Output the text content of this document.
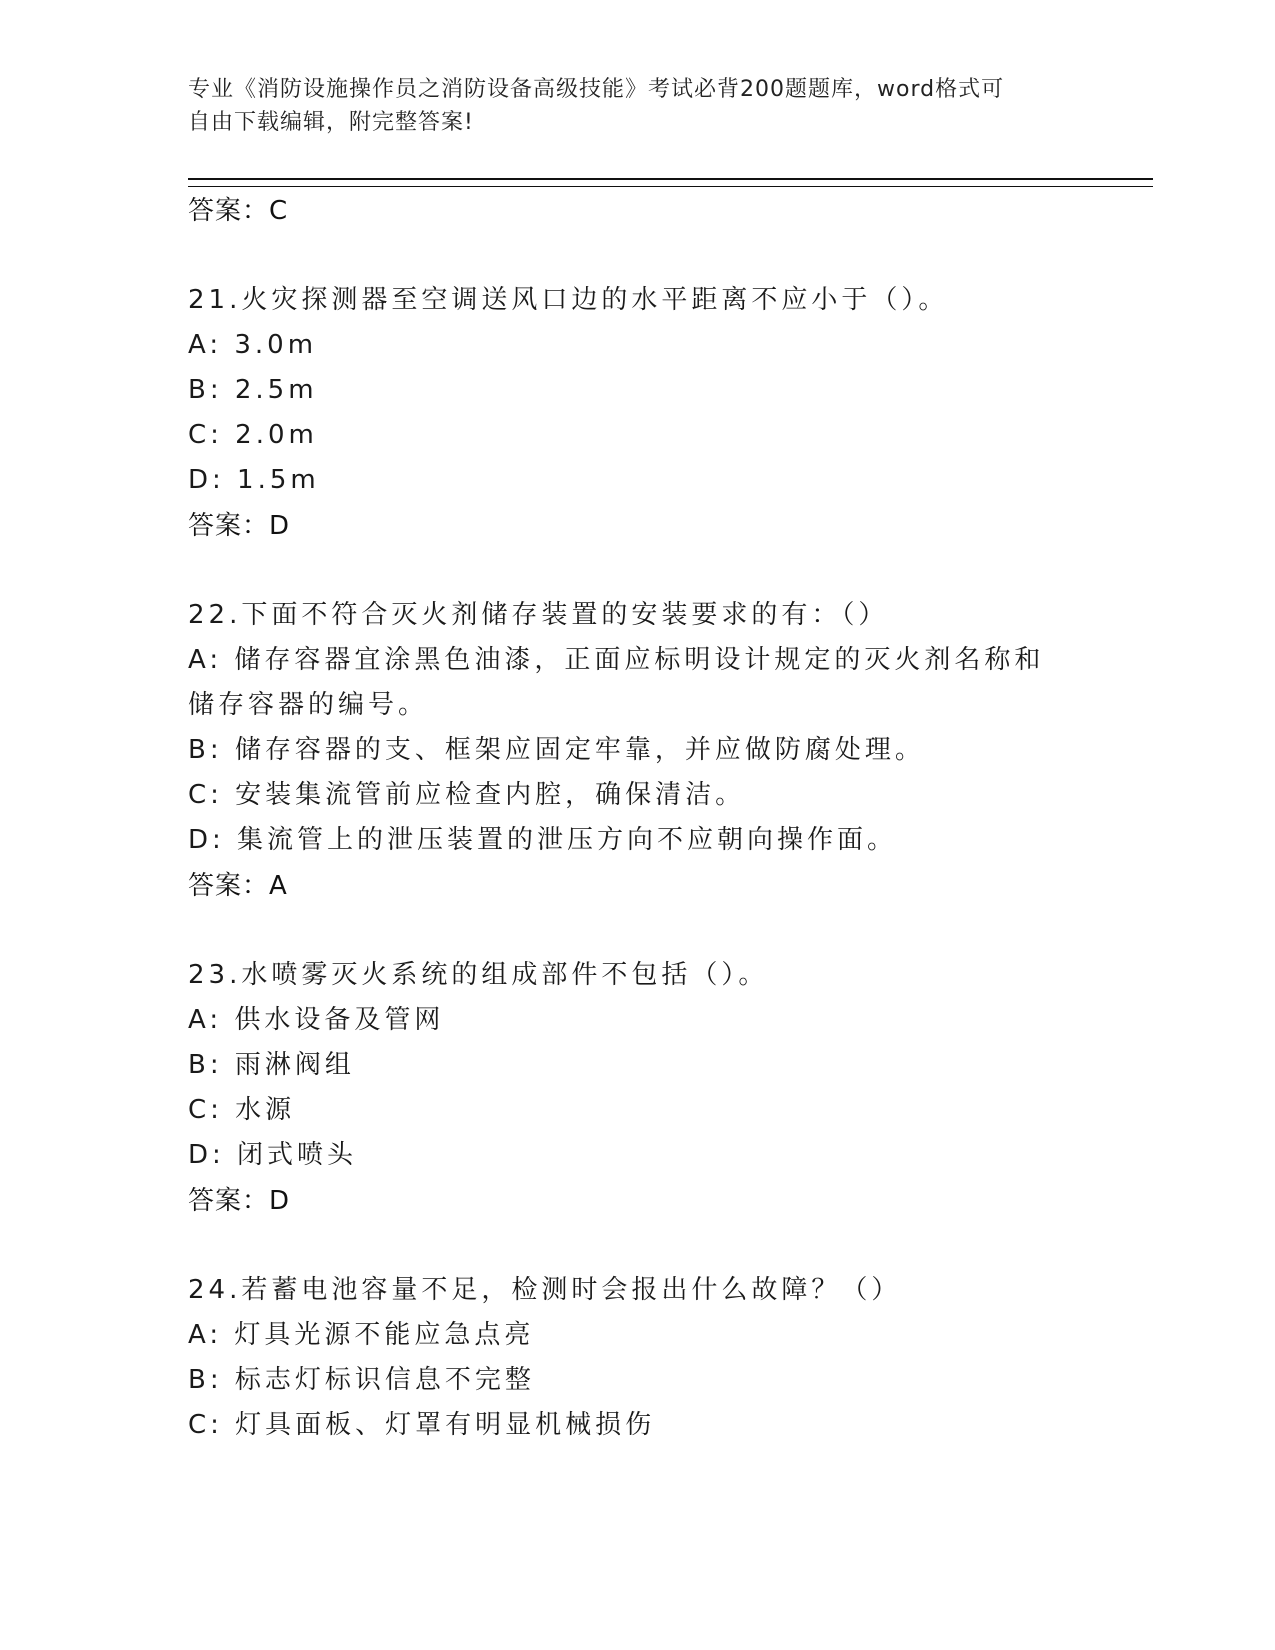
专业《消防设施操作员之消防设备高级技能》考试必背200题题库，word格式可
自由下载编辑，附完整答案!
答案：C
21.火灾探测器至空调送风口边的水平距离不应小于（）。
A: 3.0m
B: 2.5m
C: 2.0m
D: 1.5m
答案：D
22.下面不符合灭火剂储存装置的安装要求的有：（）
A: 储存容器宜涂黑色油漆，正面应标明设计规定的灭火剂名称和储存容器的编号。
B: 储存容器的支、框架应固定牢靠，并应做防腐处理。
C: 安装集流管前应检查内腔，确保清洁。
D: 集流管上的泄压装置的泄压方向不应朝向操作面。
答案：A
23.水喷雾灭火系统的组成部件不包括（）。
A: 供水设备及管网
B: 雨淋阀组
C: 水源
D: 闭式喷头
答案：D
24.若蓄电池容量不足，检测时会报出什么故障？（）
A: 灯具光源不能应急点亮
B: 标志灯标识信息不完整
C: 灯具面板、灯罩有明显机械损伤
